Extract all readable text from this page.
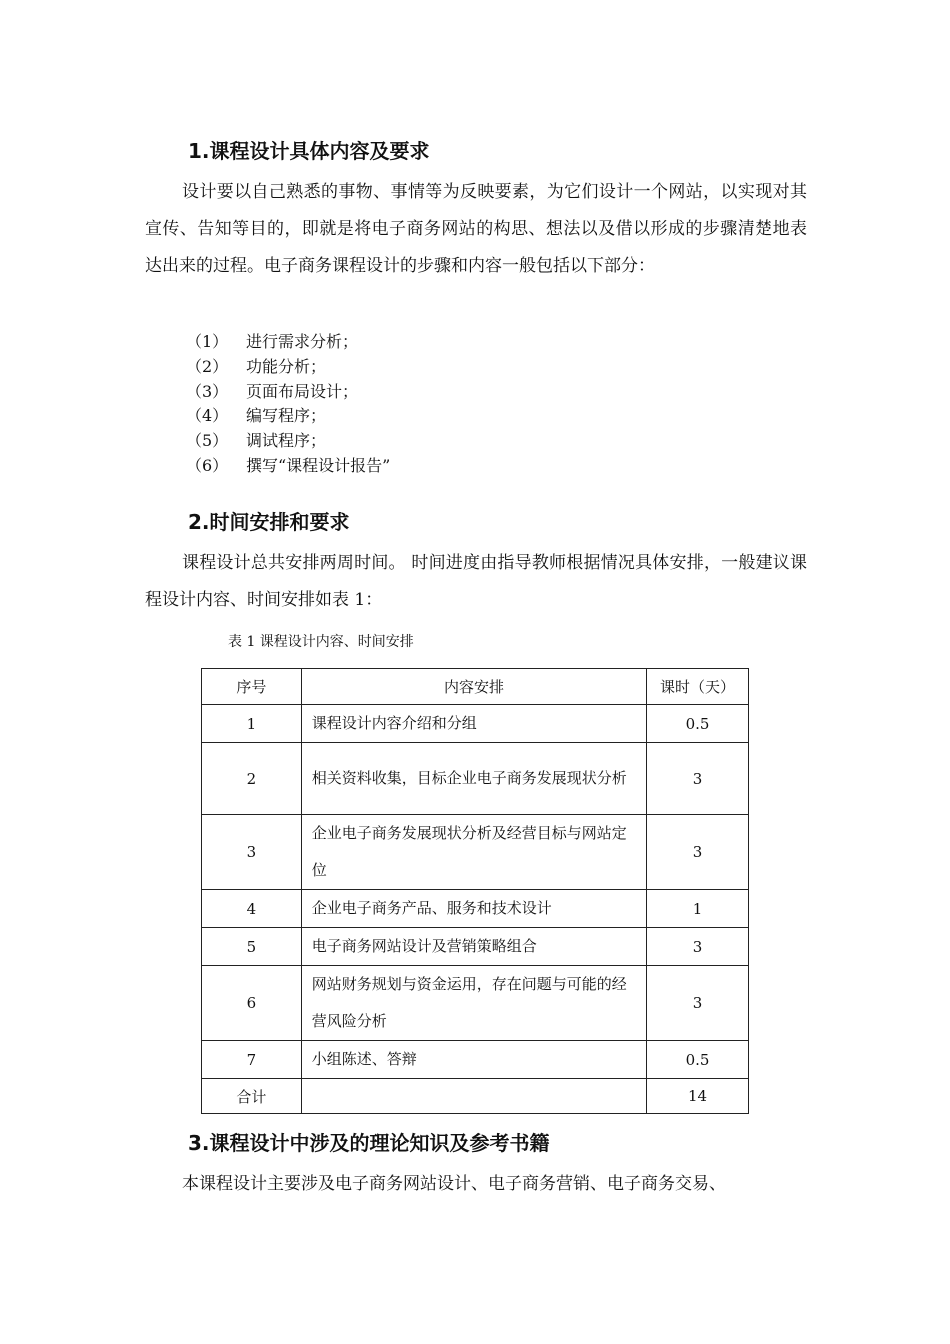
1.课程设计具体内容及要求

设计要以自己熟悉的事物、事情等为反映要素，为它们设计一个网站，以实现对其宣传、告知等目的，即就是将电子商务网站的构思、想法以及借以形成的步骤清楚地表达出来的过程。电子商务课程设计的步骤和内容一般包括以下部分：

（1）	进行需求分析；
（2）	功能分析；
（3）	页面布局设计；
（4）	编写程序；
（5）	调试程序；
（6）	撰写“课程设计报告”
2.时间安排和要求

课程设计总共安排两周时间。 时间进度由指导教师根据情况具体安排，一般建议课程设计内容、时间安排如表 1：

表 1 课程设计内容、时间安排
序号	内容安排	课时（天）
1	课程设计内容介绍和分组	0.5
2	相关资料收集，目标企业电子商务发展现状分析	3
3	企业电子商务发展现状分析及经营目标与网站定位	3
4	企业电子商务产品、服务和技术设计	1
5	电子商务网站设计及营销策略组合	3
6	网站财务规划与资金运用，存在问题与可能的经营风险分析	3
7	小组陈述、答辩	0.5
合计		14
3.课程设计中涉及的理论知识及参考书籍

本课程设计主要涉及电子商务网站设计、电子商务营销、电子商务交易、
